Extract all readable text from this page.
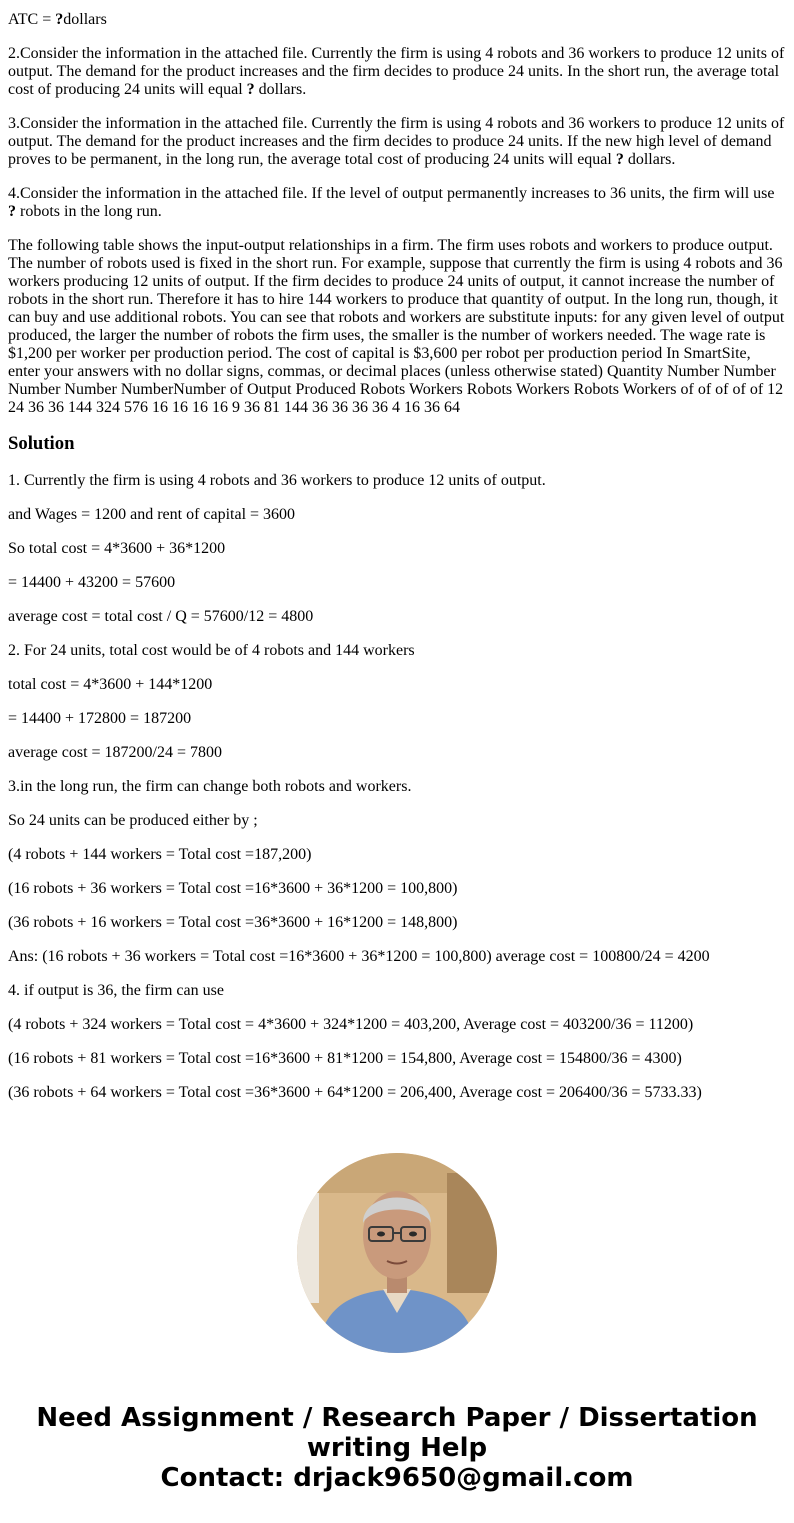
ATC = ?dollars

2.Consider the information in the attached file. Currently the firm is using 4 robots and 36 workers to produce 12 units of output. The demand for the product increases and the firm decides to produce 24 units. In the short run, the average total cost of producing 24 units will equal ? dollars.

3.Consider the information in the attached file. Currently the firm is using 4 robots and 36 workers to produce 12 units of output. The demand for the product increases and the firm decides to produce 24 units. If the new high level of demand proves to be permanent, in the long run, the average total cost of producing 24 units will equal ? dollars.

4.Consider the information in the attached file. If the level of output permanently increases to 36 units, the firm will use ? robots in the long run.

The following table shows the input-output relationships in a firm. The firm uses robots and workers to produce output. The number of robots used is fixed in the short run. For example, suppose that currently the firm is using 4 robots and 36 workers producing 12 units of output. If the firm decides to produce 24 units of output, it cannot increase the number of robots in the short run. Therefore it has to hire 144 workers to produce that quantity of output. In the long run, though, it can buy and use additional robots. You can see that robots and workers are substitute inputs: for any given level of output produced, the larger the number of robots the firm uses, the smaller is the number of workers needed. The wage rate is $1,200 per worker per production period. The cost of capital is $3,600 per robot per production period In SmartSite, enter your answers with no dollar signs, commas, or decimal places (unless otherwise stated) Quantity Number Number Number Number NumberNumber of Output Produced Robots Workers Robots Workers Robots Workers of of of of of 12 24 36 36 144 324 576 16 16 16 16 9 36 81 144 36 36 36 36 4 16 36 64

Solution

1. Currently the firm is using 4 robots and 36 workers to produce 12 units of output.

and Wages = 1200 and rent of capital = 3600

So total cost = 4*3600 + 36*1200

= 14400 + 43200 = 57600

average cost = total cost / Q = 57600/12 = 4800

2. For 24 units, total cost would be of 4 robots and 144 workers

total cost = 4*3600 + 144*1200

= 14400 + 172800 = 187200

average cost = 187200/24 = 7800

3.in the long run, the firm can change both robots and workers.

So 24 units can be produced either by ;

(4 robots + 144 workers = Total cost =187,200)

(16 robots + 36 workers = Total cost =16*3600 + 36*1200 = 100,800)

(36 robots + 16 workers = Total cost =36*3600 + 16*1200 = 148,800)

Ans: (16 robots + 36 workers = Total cost =16*3600 + 36*1200 = 100,800) average cost = 100800/24 = 4200

4. if output is 36, the firm can use

(4 robots + 324 workers = Total cost = 4*3600 + 324*1200 = 403,200, Average cost = 403200/36 = 11200)

(16 robots + 81 workers = Total cost =16*3600 + 81*1200 = 154,800, Average cost = 154800/36 = 4300)

(36 robots + 64 workers = Total cost =36*3600 + 64*1200 = 206,400, Average cost = 206400/36 = 5733.33)

Need Assignment / Research Paper / Dissertation
writing Help
Contact: drjack9650@gmail.com
